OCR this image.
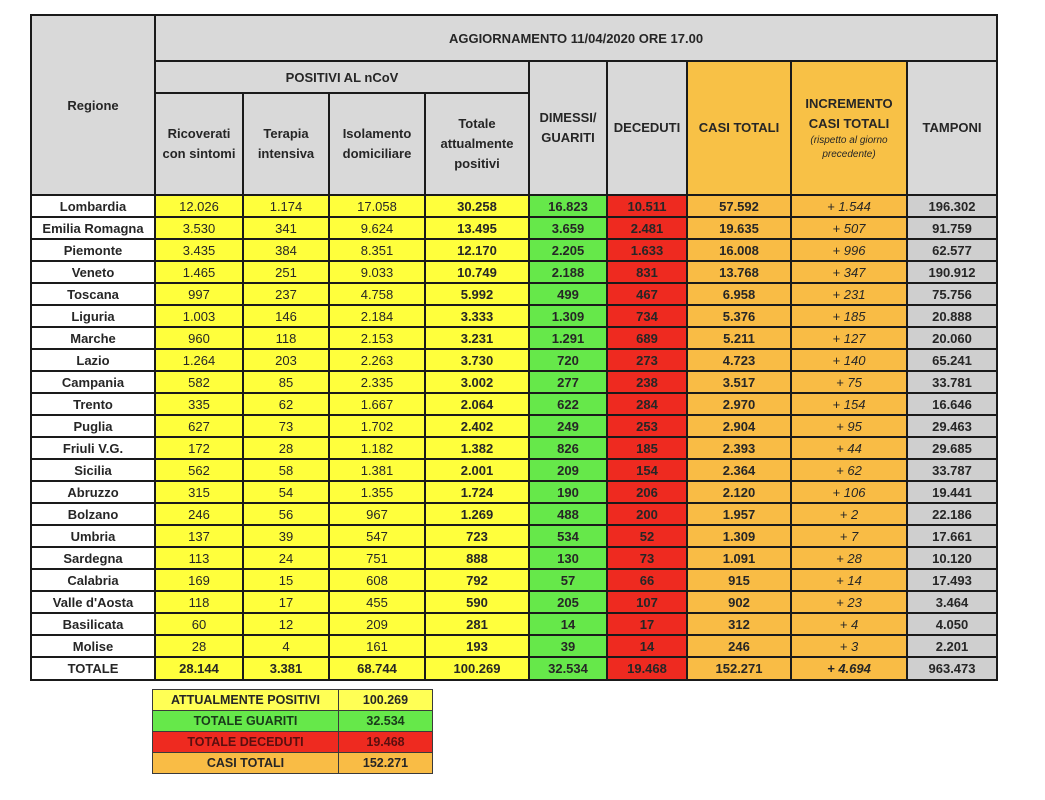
Regione	AGGIORNAMENTO 11/04/2020 ORE 17.00								
	POSITIVI AL nCoV				DIMESSI/ GUARITI	DECEDUTI	CASI TOTALI	INCREMENTO CASI TOTALI
(rispetto al giorno precedente)	TAMPONI
	Ricoverati con sintomi	Terapia intensiva	Isolamento domiciliare	Totale attualmente positivi					
Lombardia	12.026	1.174	17.058	30.258	16.823	10.511	57.592	+ 1.544	196.302
Emilia Romagna	3.530	341	9.624	13.495	3.659	2.481	19.635	+ 507	91.759
Piemonte	3.435	384	8.351	12.170	2.205	1.633	16.008	+ 996	62.577
Veneto	1.465	251	9.033	10.749	2.188	831	13.768	+ 347	190.912
Toscana	997	237	4.758	5.992	499	467	6.958	+ 231	75.756
Liguria	1.003	146	2.184	3.333	1.309	734	5.376	+ 185	20.888
Marche	960	118	2.153	3.231	1.291	689	5.211	+ 127	20.060
Lazio	1.264	203	2.263	3.730	720	273	4.723	+ 140	65.241
Campania	582	85	2.335	3.002	277	238	3.517	+ 75	33.781
Trento	335	62	1.667	2.064	622	284	2.970	+ 154	16.646
Puglia	627	73	1.702	2.402	249	253	2.904	+ 95	29.463
Friuli V.G.	172	28	1.182	1.382	826	185	2.393	+ 44	29.685
Sicilia	562	58	1.381	2.001	209	154	2.364	+ 62	33.787
Abruzzo	315	54	1.355	1.724	190	206	2.120	+ 106	19.441
Bolzano	246	56	967	1.269	488	200	1.957	+ 2	22.186
Umbria	137	39	547	723	534	52	1.309	+ 7	17.661
Sardegna	113	24	751	888	130	73	1.091	+ 28	10.120
Calabria	169	15	608	792	57	66	915	+ 14	17.493
Valle d'Aosta	118	17	455	590	205	107	902	+ 23	3.464
Basilicata	60	12	209	281	14	17	312	+ 4	4.050
Molise	28	4	161	193	39	14	246	+ 3	2.201
TOTALE	28.144	3.381	68.744	100.269	32.534	19.468	152.271	+ 4.694	963.473
ATTUALMENTE POSITIVI	100.269
TOTALE GUARITI	32.534
TOTALE DECEDUTI	19.468
CASI TOTALI	152.271
